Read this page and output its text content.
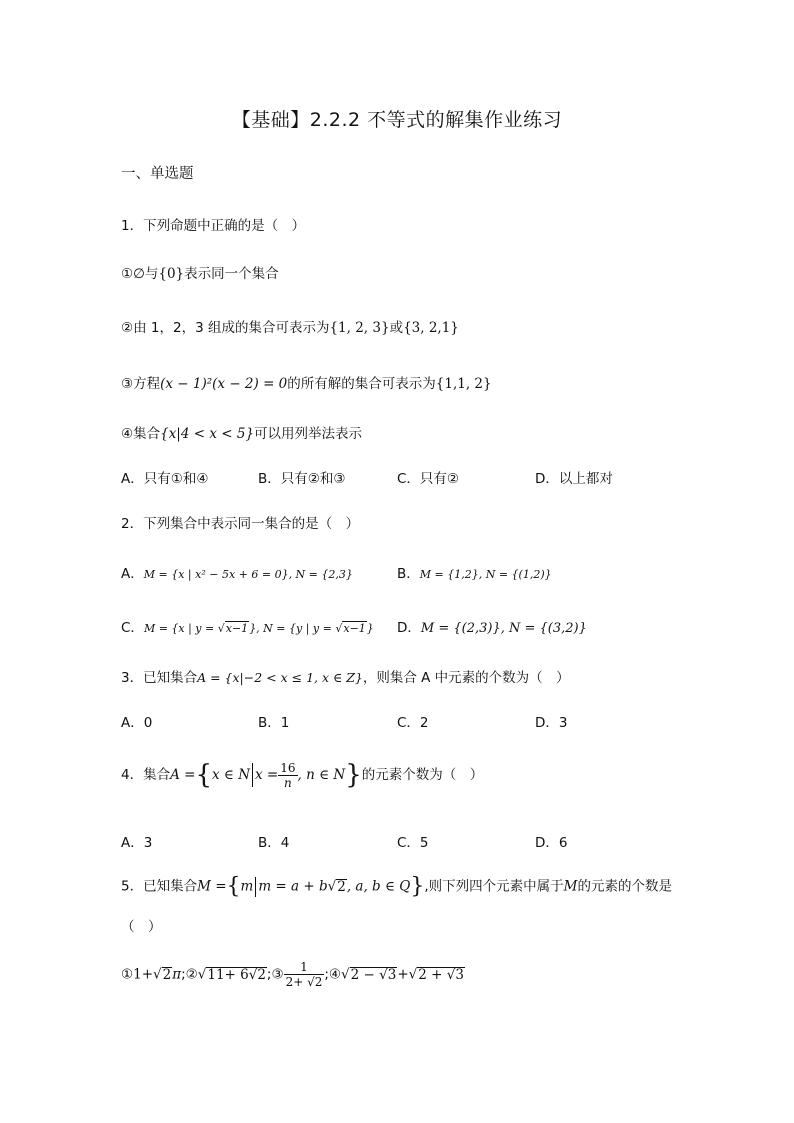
【基础】2.2.2 不等式的解集作业练习
一、单选题
1．下列命题中正确的是（　）
①∅与{0}表示同一个集合
②由 1，2，3 组成的集合可表示为{1, 2, 3}或{3, 2,1}
③方程(x − 1)²(x − 2) = 0的所有解的集合可表示为{1,1, 2}
④集合{x|4 < x < 5}可以用列举法表示
A．只有①和④	B．只有②和③	C．只有②	D．以上都对
2．下列集合中表示同一集合的是（　）
A．M = {x | x² − 5x + 6 = 0}, N = {2,3}	B．M = {1,2}, N = {(1,2)}
C．M = {x | y = √x−1}, N = {y | y = √x−1} D．M = {(2,3)}, N = {(3,2)}
3．已知集合A = {x|−2 < x ≤ 1, x ∈ Z}，则集合 A 中元素的个数为（　）
A．0	B．1	C．2	D．3
4．集合A ={x ∈ N $x = \frac{16}{n}$ , n ∈ N}的元素个数为（　）
A．3	B．4	C．5	D．6
5．已知集合M ={m m = a + b√2, a, b ∈ Q},则下列四个元素中属于M的元素的个数是
（　）
①1+√2π;②√11+ 6√2;③ $\frac{1}{2+ √2}$ ;④√2 − √3+√2 + √3
